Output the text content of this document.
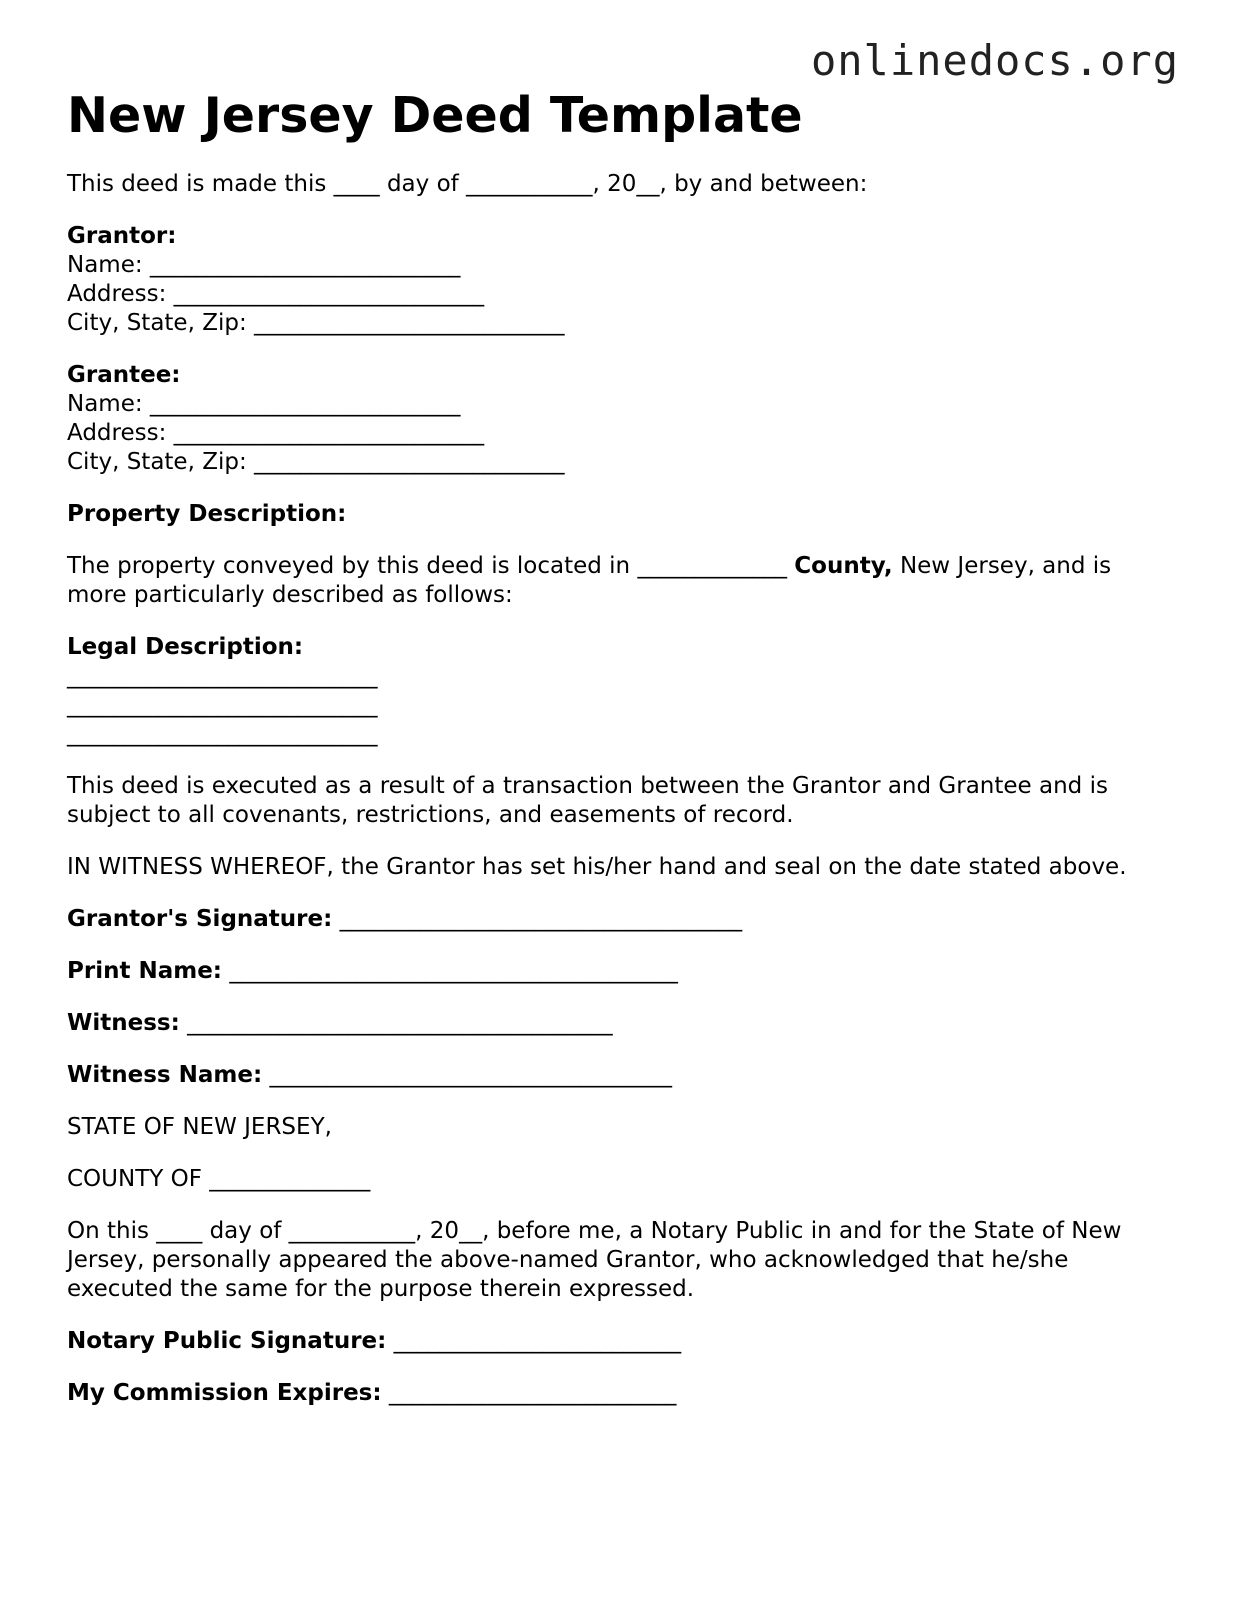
onlinedocs.org
New Jersey Deed Template
This deed is made this ____ day of ___________, 20__, by and between:
Grantor:
Name: ___________________________
Address: ___________________________
City, State, Zip: ___________________________
Grantee:
Name: ___________________________
Address: ___________________________
City, State, Zip: ___________________________
Property Description:
The property conveyed by this deed is located in _____________ County, New Jersey, and is more particularly described as follows:
Legal Description:
___________________________
___________________________
___________________________
This deed is executed as a result of a transaction between the Grantor and Grantee and is subject to all covenants, restrictions, and easements of record.
IN WITNESS WHEREOF, the Grantor has set his/her hand and seal on the date stated above.
Grantor's Signature: ___________________________________
Print Name: _______________________________________
Witness: _____________________________________
Witness Name: ___________________________________
STATE OF NEW JERSEY,
COUNTY OF ______________
On this ____ day of ___________, 20__, before me, a Notary Public in and for the State of New Jersey, personally appeared the above-named Grantor, who acknowledged that he/she executed the same for the purpose therein expressed.
Notary Public Signature: _________________________
My Commission Expires: _________________________
